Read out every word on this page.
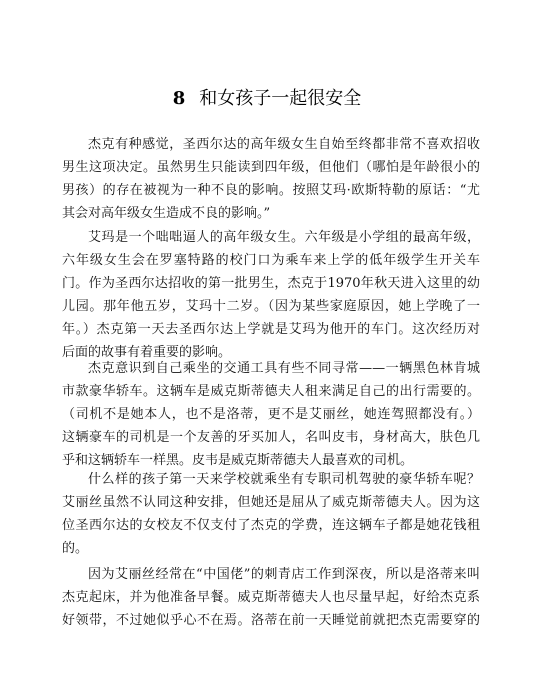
8 和女孩子一起很安全
杰克有种感觉，圣西尔达的高年级女生自始至终都非常不喜欢招收
男生这项决定。虽然男生只能读到四年级，但他们（哪怕是年龄很小的
男孩）的存在被视为一种不良的影响。按照艾玛·欧斯特勒的原话：“尤
其会对高年级女生造成不良的影响。”
艾玛是一个咄咄逼人的高年级女生。六年级是小学组的最高年级，
六年级女生会在罗塞特路的校门口为乘车来上学的低年级学生开关车
门。作为圣西尔达招收的第一批男生，杰克于1970年秋天进入这里的幼
儿园。那年他五岁，艾玛十二岁。（因为某些家庭原因，她上学晚了一
年。）杰克第一天去圣西尔达上学就是艾玛为他开的车门。这次经历对
后面的故事有着重要的影响。
杰克意识到自己乘坐的交通工具有些不同寻常——一辆黑色林肯城
市款豪华轿车。这辆车是威克斯蒂德夫人租来满足自己的出行需要的。
（司机不是她本人，也不是洛蒂，更不是艾丽丝，她连驾照都没有。）
这辆豪车的司机是一个友善的牙买加人，名叫皮韦，身材高大，肤色几
乎和这辆轿车一样黑。皮韦是威克斯蒂德夫人最喜欢的司机。
什么样的孩子第一天来学校就乘坐有专职司机驾驶的豪华轿车呢？
艾丽丝虽然不认同这种安排，但她还是屈从了威克斯蒂德夫人。因为这
位圣西尔达的女校友不仅支付了杰克的学费，连这辆车子都是她花钱租
的。
因为艾丽丝经常在“中国佬”的刺青店工作到深夜，所以是洛蒂来叫
杰克起床，并为他准备早餐。威克斯蒂德夫人也尽量早起，好给杰克系
好领带，不过她似乎心不在焉。洛蒂在前一天睡觉前就把杰克需要穿的
